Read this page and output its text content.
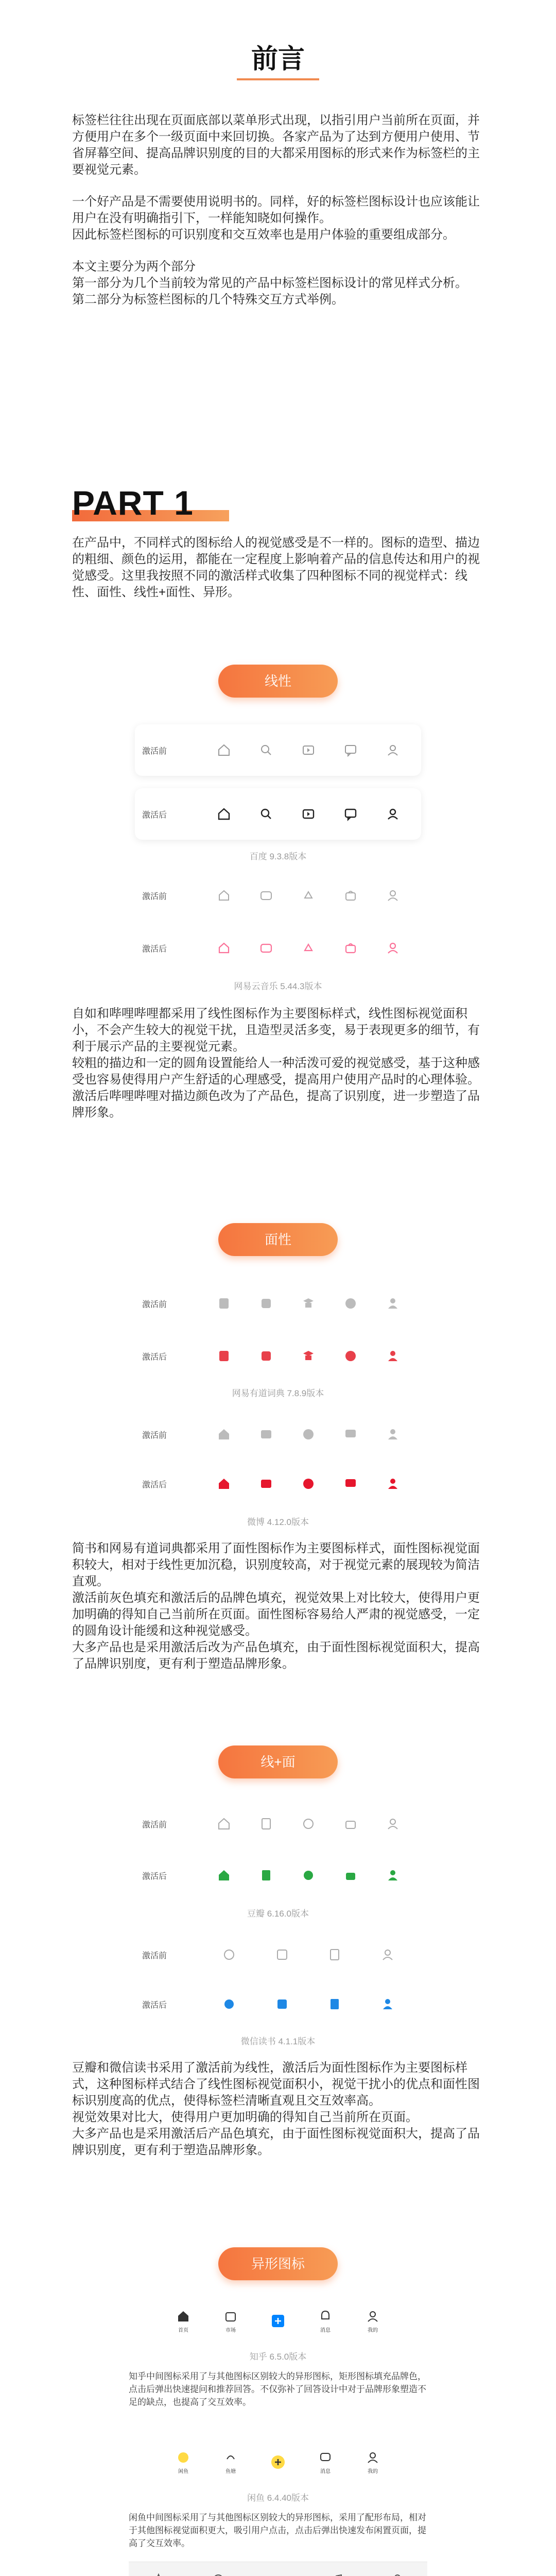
前言

标签栏往往出现在页面底部以菜单形式出现，以指引用户当前所在页面，并方便用户在多个一级页面中来回切换。各家产品为了达到方便用户使用、节省屏幕空间、提高品牌识别度的目的大都采用图标的形式来作为标签栏的主要视觉元素。

一个好产品是不需要使用说明书的。同样，好的标签栏图标设计也应该能让用户在没有明确指引下，一样能知晓如何操作。

因此标签栏图标的可识别度和交互效率也是用户体验的重要组成部分。

本文主要分为两个部分

第一部分为几个当前较为常见的产品中标签栏图标设计的常见样式分析。

第二部分为标签栏图标的几个特殊交互方式举例。

PART 1
在产品中，不同样式的图标给人的视觉感受是不一样的。图标的造型、描边的粗细、颜色的运用，都能在一定程度上影响着产品的信息传达和用户的视觉感受。这里我按照不同的激活样式收集了四种图标不同的视觉样式：线性、面性、线性+面性、异形。
线性
激活前
激活后
百度 9.3.8版本
激活前
激活后
网易云音乐 5.44.3版本

自如和哔哩哔哩都采用了线性图标作为主要图标样式，线性图标视觉面积小，不会产生较大的视觉干扰，且造型灵活多变，易于表现更多的细节，有利于展示产品的主要视觉元素。

较粗的描边和一定的圆角设置能给人一种活泼可爱的视觉感受，基于这种感受也容易使得用户产生舒适的心理感受，提高用户使用产品时的心理体验。

激活后哔哩哔哩对描边颜色改为了产品色，提高了识别度，进一步塑造了品牌形象。

面性
激活前
激活后
网易有道词典 7.8.9版本
激活前
激活后
微博 4.12.0版本

简书和网易有道词典都采用了面性图标作为主要图标样式，面性图标视觉面积较大，相对于线性更加沉稳，识别度较高，对于视觉元素的展现较为简洁直观。

激活前灰色填充和激活后的品牌色填充，视觉效果上对比较大，使得用户更加明确的得知自己当前所在页面。面性图标容易给人严肃的视觉感受，一定的圆角设计能缓和这种视觉感受。

大多产品也是采用激活后改为产品色填充，由于面性图标视觉面积大，提高了品牌识别度，更有利于塑造品牌形象。

线+面
激活前
激活后
豆瓣 6.16.0版本
激活前
激活后
微信读书 4.1.1版本

豆瓣和微信读书采用了激活前为线性，激活后为面性图标作为主要图标样式，这种图标样式结合了线性图标视觉面积小，视觉干扰小的优点和面性图标识别度高的优点，使得标签栏清晰直观且交互效率高。

视觉效果对比大，使得用户更加明确的得知自己当前所在页面。

大多产品也是采用激活后产品色填充，由于面性图标视觉面积大，提高了品牌识别度，更有利于塑造品牌形象。

异形图标
首页	市场	消息	我的
知乎 6.5.0版本
知乎中间图标采用了与其他图标区别较大的异形图标，矩形图标填充品牌色，点击后弹出快速提问和推荐回答。不仅弥补了回答设计中对于品牌形象塑造不足的缺点，也提高了交互效率。
闲鱼	鱼塘	消息	我的
闲鱼 6.4.40版本
闲鱼中间图标采用了与其他图标区别较大的异形图标，采用了配形布局，相对于其他图标视觉面积更大，吸引用户点击，点击后弹出快速发布闲置页面，提高了交互效率。
